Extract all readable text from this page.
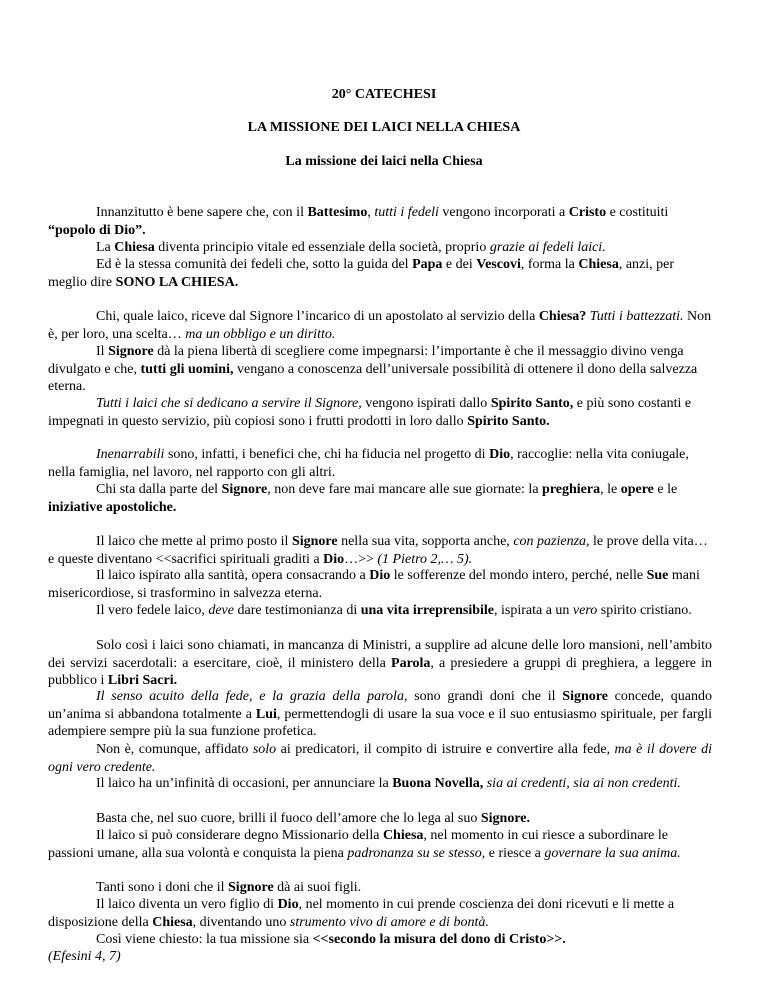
20° CATECHESI
LA MISSIONE DEI LAICI NELLA CHIESA
La missione dei laici nella Chiesa

Innanzitutto è bene sapere che, con il Battesimo, tutti i fedeli vengono incorporati a Cristo e costituiti “popolo di Dio”.

La Chiesa diventa principio vitale ed essenziale della società, proprio grazie ai fedeli laici.

Ed è la stessa comunità dei fedeli che, sotto la guida del Papa e dei Vescovi, forma la Chiesa, anzi, per meglio dire SONO LA CHIESA.

Chi, quale laico, riceve dal Signore l’incarico di un apostolato al servizio della Chiesa? Tutti i battezzati. Non è, per loro, una scelta… ma un obbligo e un diritto.

Il Signore dà la piena libertà di scegliere come impegnarsi: l’importante è che il messaggio divino venga divulgato e che, tutti gli uomini, vengano a conoscenza dell’universale possibilità di ottenere il dono della salvezza eterna.

Tutti i laici che si dedicano a servire il Signore, vengono ispirati dallo Spirito Santo, e più sono costanti e impegnati in questo servizio, più copiosi sono i frutti prodotti in loro dallo Spirito Santo.

Inenarrabili sono, infatti, i benefici che, chi ha fiducia nel progetto di Dio, raccoglie: nella vita coniugale, nella famiglia, nel lavoro, nel rapporto con gli altri.

Chi sta dalla parte del Signore, non deve fare mai mancare alle sue giornate: la preghiera, le opere e le iniziative apostoliche.

Il laico che mette al primo posto il Signore nella sua vita, sopporta anche, con pazienza, le prove della vita… e queste diventano <<sacrifici spirituali graditi a Dio…>> (1 Pietro 2,… 5).

Il laico ispirato alla santità, opera consacrando a Dio le sofferenze del mondo intero, perché, nelle Sue mani misericordiose, si trasformino in salvezza eterna.

Il vero fedele laico, deve dare testimonianza di una vita irreprensibile, ispirata a un vero spirito cristiano.

Solo così i laici sono chiamati, in mancanza di Ministri, a supplire ad alcune delle loro mansioni, nell’ambito dei servizi sacerdotali: a esercitare, cioè, il ministero della Parola, a presiedere a gruppi di preghiera, a leggere in pubblico i Libri Sacri.

Il senso acuito della fede, e la grazia della parola, sono grandi doni che il Signore concede, quando un’anima si abbandona totalmente a Lui, permettendogli di usare la sua voce e il suo entusiasmo spirituale, per fargli adempiere sempre più la sua funzione profetica.

Non è, comunque, affidato solo ai predicatori, il compito di istruire e convertire alla fede, ma è il dovere di ogni vero credente.

Il laico ha un’infinità di occasioni, per annunciare la Buona Novella, sia ai credenti, sia ai non credenti.

Basta che, nel suo cuore, brilli il fuoco dell’amore che lo lega al suo Signore.

Il laico si può considerare degno Missionario della Chiesa, nel momento in cui riesce a subordinare le passioni umane, alla sua volontà e conquista la piena padronanza su se stesso, e riesce a governare la sua anima.

Tanti sono i doni che il Signore dà ai suoi figli.

Il laico diventa un vero figlio di Dio, nel momento in cui prende coscienza dei doni ricevuti e li mette a disposizione della Chiesa, diventando uno strumento vivo di amore e di bontà.

Così viene chiesto: la tua missione sia <<secondo la misura del dono di Cristo>>.

(Efesini 4, 7)
